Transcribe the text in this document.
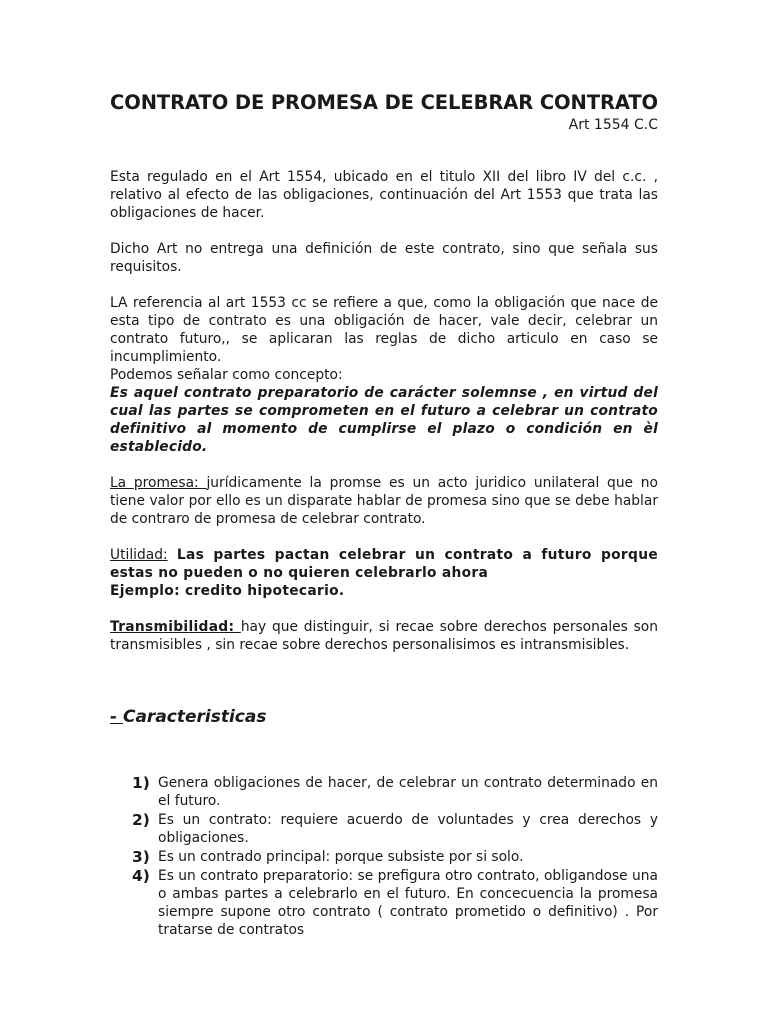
CONTRATO DE PROMESA DE CELEBRAR CONTRATO

Art 1554 C.C

Esta regulado en el Art 1554, ubicado en el titulo XII del libro IV del c.c. , relativo al efecto de las obligaciones, continuación del Art 1553 que trata las obligaciones de hacer.

Dicho Art no entrega una definición de este contrato, sino que señala sus requisitos.

LA referencia al art 1553 cc se refiere a que, como la obligación que nace de esta tipo de contrato es una obligación de hacer, vale decir, celebrar un contrato futuro,, se aplicaran las reglas de dicho articulo en caso se incumplimiento.

Podemos señalar como concepto:

Es aquel contrato preparatorio de carácter solemnse , en virtud del cual las partes se comprometen en el futuro a celebrar un contrato definitivo al momento de cumplirse el plazo o condición en èl establecido.

La promesa: jurídicamente la promse es un acto juridico unilateral que no tiene valor por ello es un disparate hablar de promesa sino que se debe hablar de contraro de promesa de celebrar contrato.

Utilidad: Las partes pactan celebrar un contrato a futuro porque estas no pueden o no quieren celebrarlo ahora

Ejemplo: credito hipotecario.

Transmibilidad: hay que distinguir, si recae sobre derechos personales son transmisibles , sin recae sobre derechos personalisimos es intransmisibles.

- Caracteristicas

1) Genera obligaciones de hacer, de celebrar un contrato determinado en el futuro.
2) Es un contrato: requiere acuerdo de voluntades y crea derechos y obligaciones.
3) Es un contrado principal: porque subsiste por si solo.
4) Es un contrato preparatorio: se prefigura otro contrato, obligandose una o ambas partes a celebrarlo en el futuro. En concecuencia la promesa siempre supone otro contrato ( contrato prometido o definitivo) . Por tratarse de contratos
